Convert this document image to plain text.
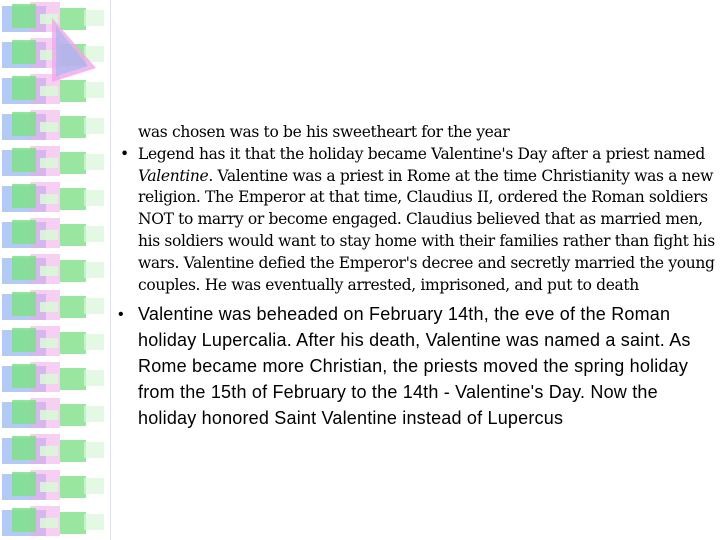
was chosen was to be his sweetheart for the year
• Legend has it that the holiday became Valentine's Day after a priest named Valentine. Valentine was a priest in Rome at the time Christianity was a new religion. The Emperor at that time, Claudius II, ordered the Roman soldiers NOT to marry or become engaged. Claudius believed that as married men, his soldiers would want to stay home with their families rather than fight his wars. Valentine defied the Emperor's decree and secretly married the young couples. He was eventually arrested, imprisoned, and put to death
• Valentine was beheaded on February 14th, the eve of the Roman holiday Lupercalia. After his death, Valentine was named a saint. As Rome became more Christian, the priests moved the spring holiday from the 15th of February to the 14th - Valentine's Day. Now the holiday honored Saint Valentine instead of Lupercus
